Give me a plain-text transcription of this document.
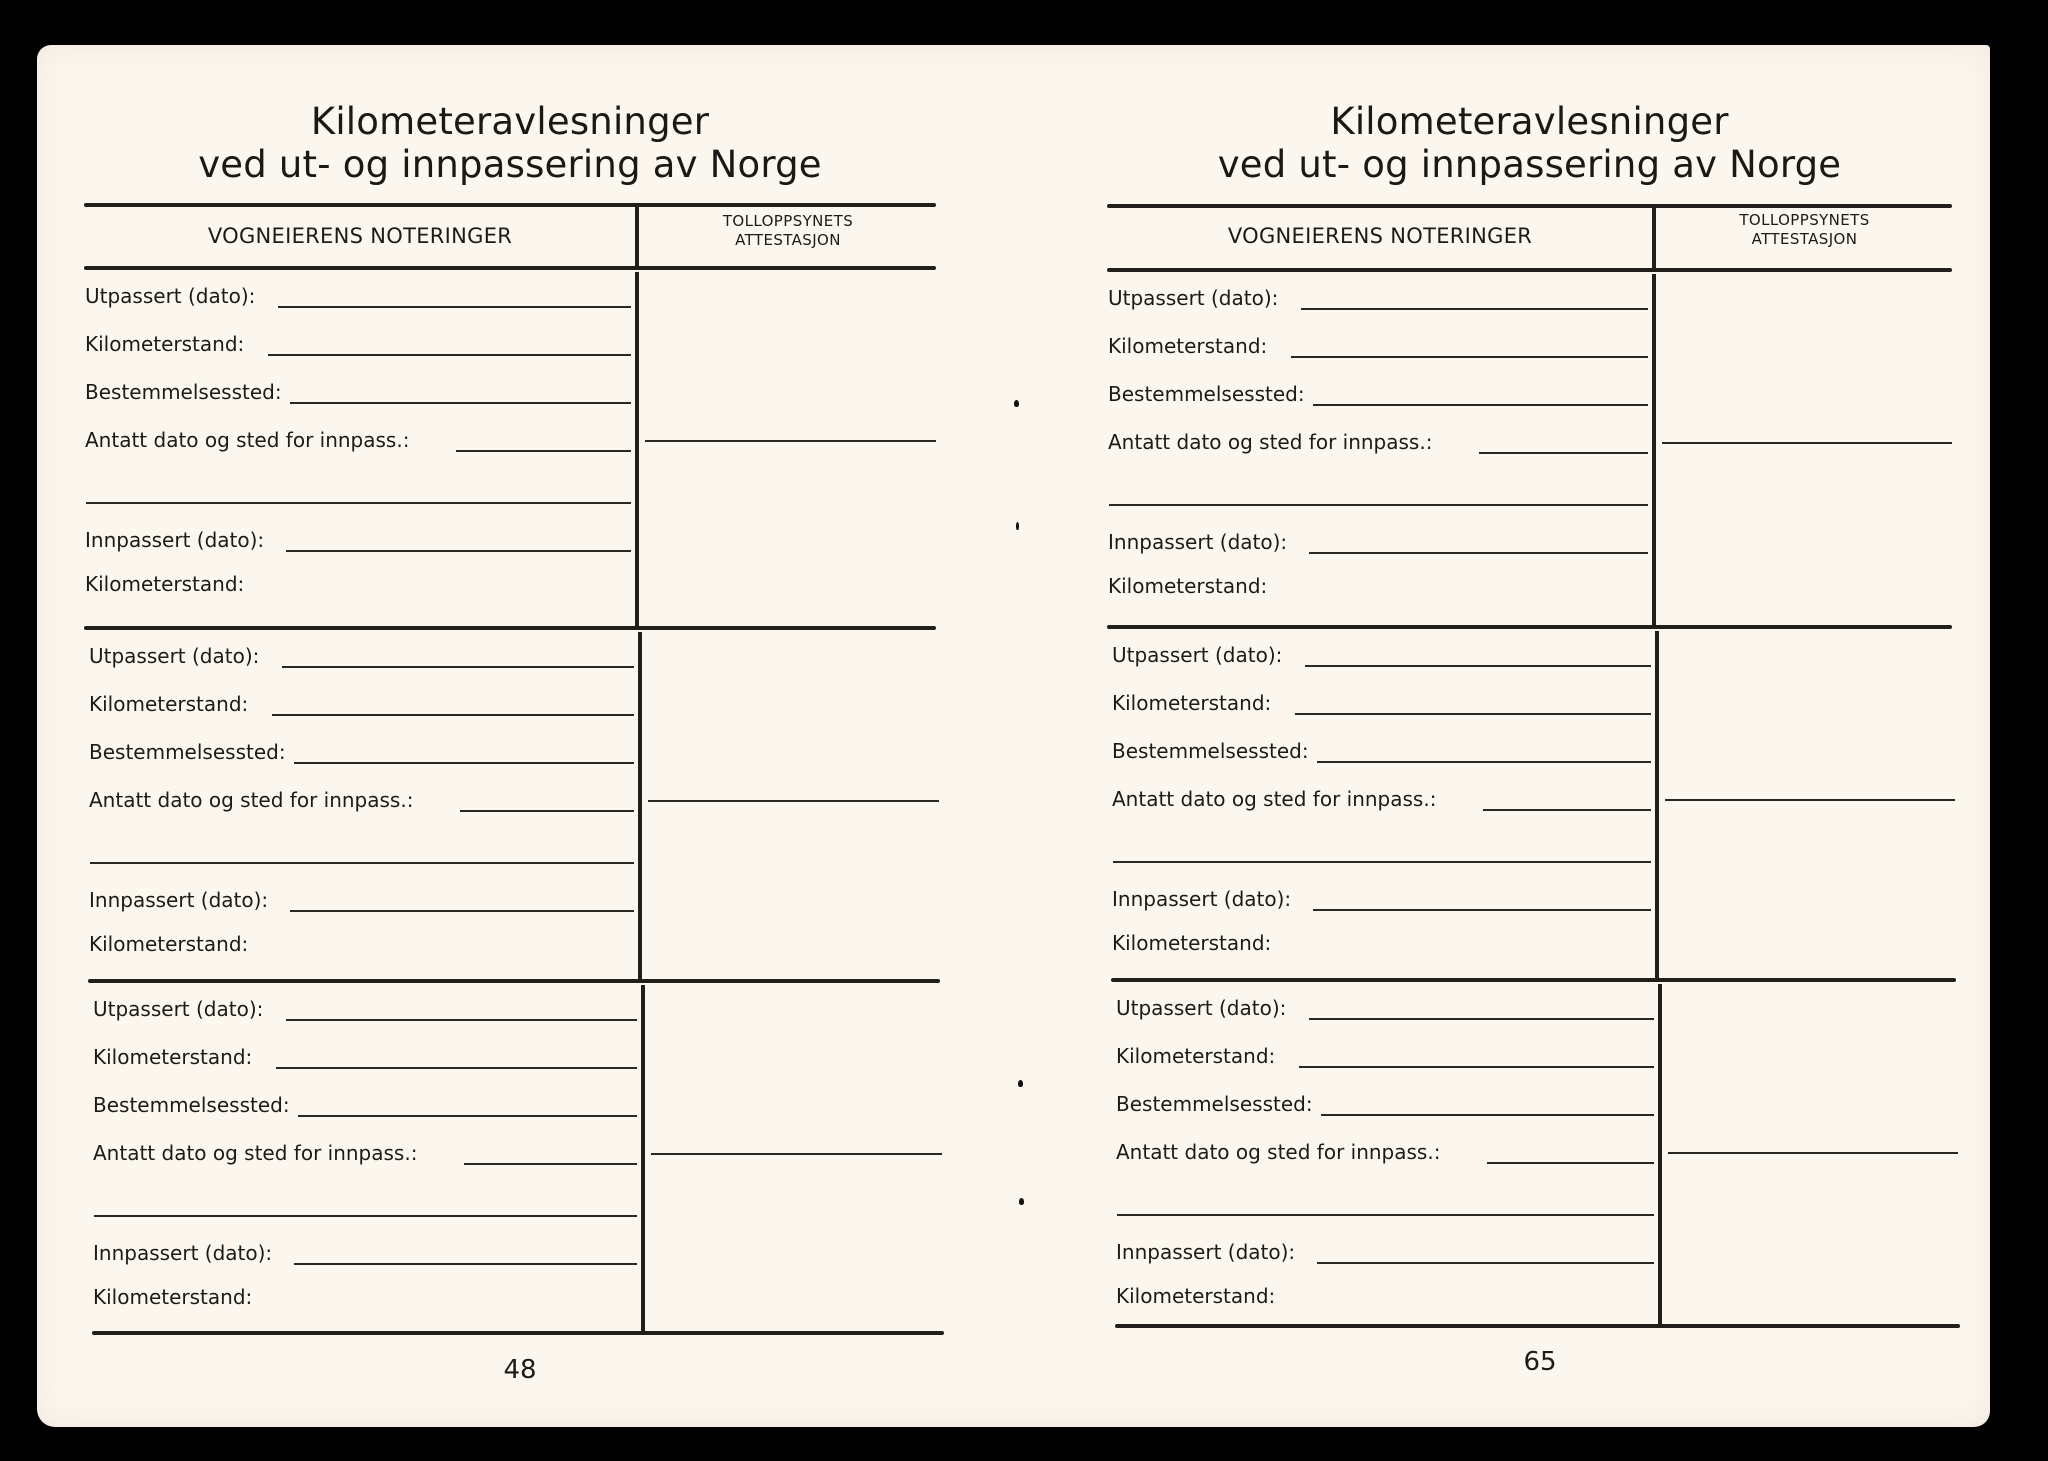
Kilometeravlesninger
ved ut- og innpassering av Norge
VOGNEIERENS NOTERINGER
TOLLOPPSYNETS
ATTESTASJON
Utpassert (dato):
Kilometerstand:
Bestemmelsessted:
Antatt dato og sted for innpass.:
Innpassert (dato):
Kilometerstand:
Utpassert (dato):
Kilometerstand:
Bestemmelsessted:
Antatt dato og sted for innpass.:
Innpassert (dato):
Kilometerstand:
Utpassert (dato):
Kilometerstand:
Bestemmelsessted:
Antatt dato og sted for innpass.:
Innpassert (dato):
Kilometerstand:
48
Kilometeravlesninger
ved ut- og innpassering av Norge
VOGNEIERENS NOTERINGER
TOLLOPPSYNETS
ATTESTASJON
Utpassert (dato):
Kilometerstand:
Bestemmelsessted:
Antatt dato og sted for innpass.:
Innpassert (dato):
Kilometerstand:
Utpassert (dato):
Kilometerstand:
Bestemmelsessted:
Antatt dato og sted for innpass.:
Innpassert (dato):
Kilometerstand:
Utpassert (dato):
Kilometerstand:
Bestemmelsessted:
Antatt dato og sted for innpass.:
Innpassert (dato):
Kilometerstand:
65
